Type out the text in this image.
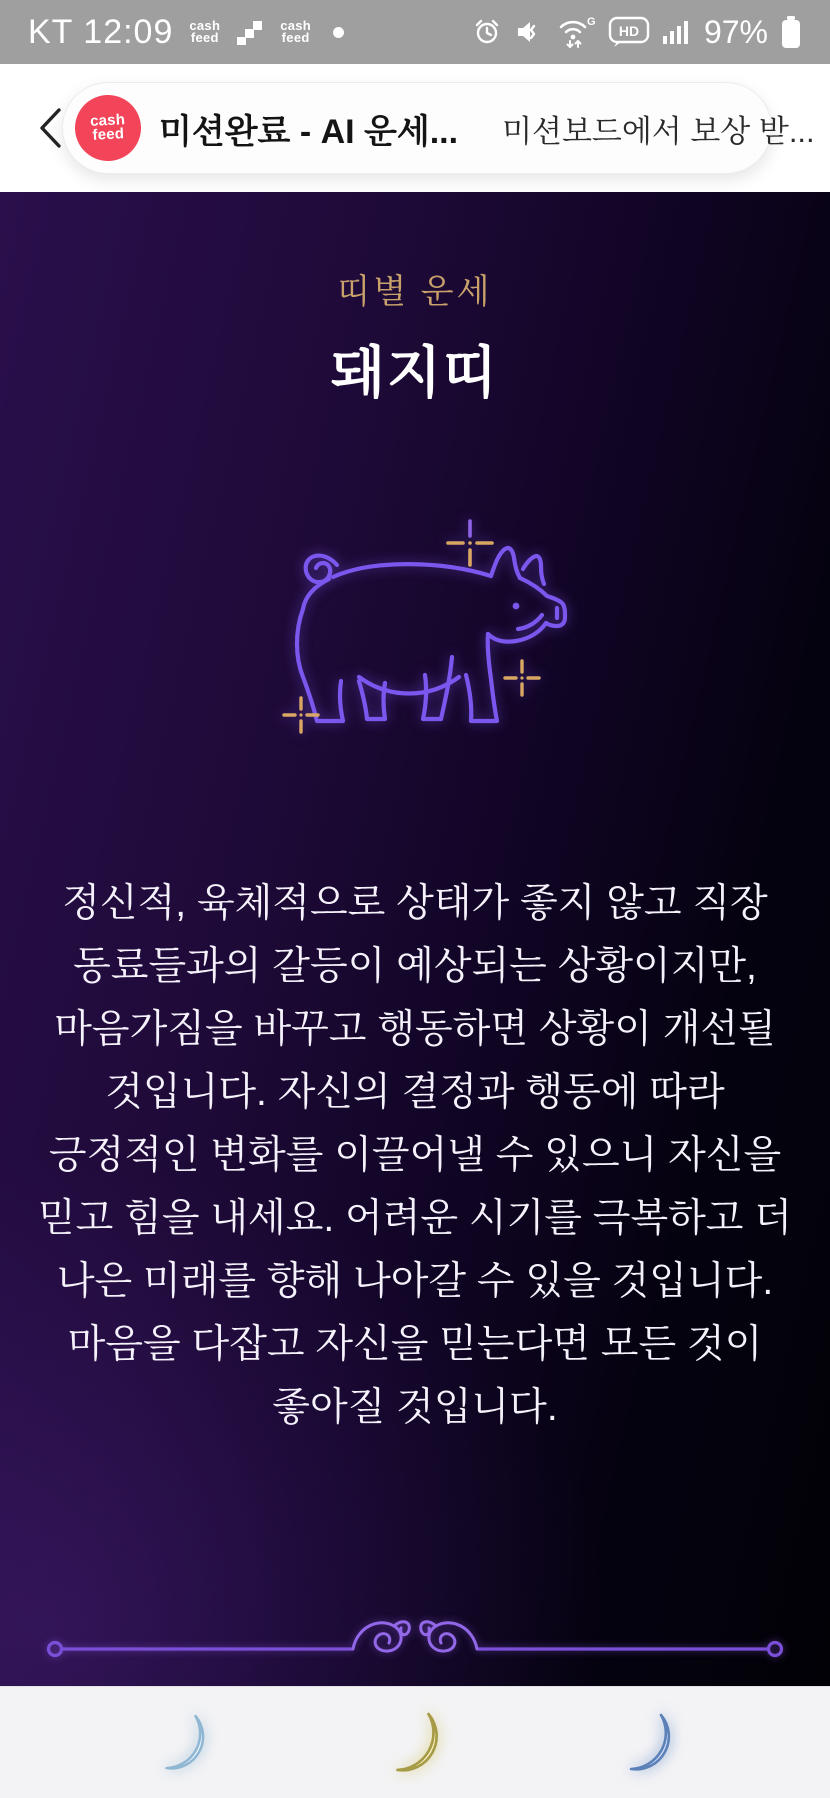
KT 12:09 cash
feed
cash
feed
G
HD 97%
cash
feed 미션완료 - AI 운세... 미션보드에서 보상 받...
띠별 운세
돼지띠
정신적, 육체적으로 상태가 좋지 않고 직장
동료들과의 갈등이 예상되는 상황이지만,
마음가짐을 바꾸고 행동하면 상황이 개선될
것입니다. 자신의 결정과 행동에 따라
긍정적인 변화를 이끌어낼 수 있으니 자신을
믿고 힘을 내세요. 어려운 시기를 극복하고 더
나은 미래를 향해 나아갈 수 있을 것입니다.
마음을 다잡고 자신을 믿는다면 모든 것이
좋아질 것입니다.
